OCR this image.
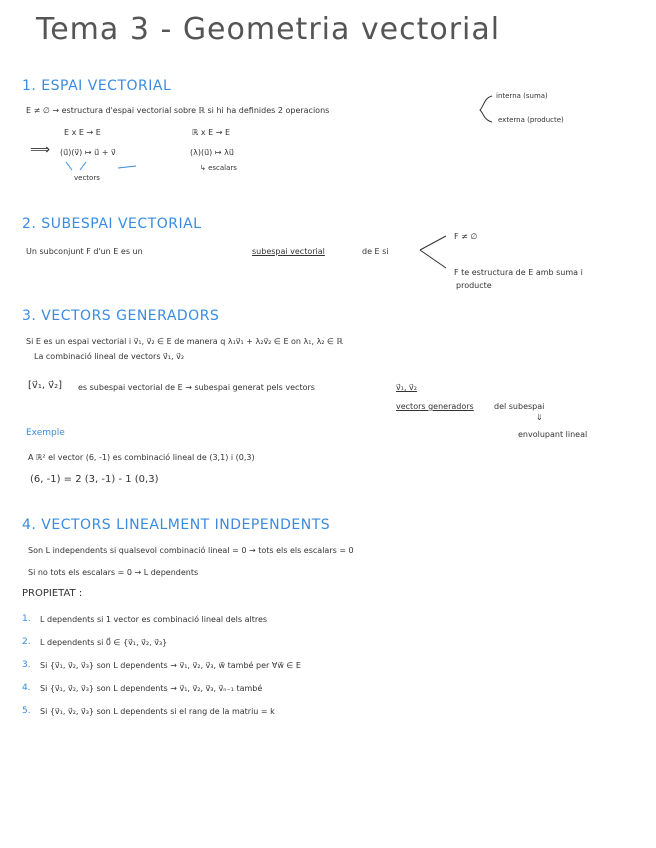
Tema 3 - Geometria vectorial
1. ESPAI VECTORIAL
E ≠ ∅ → estructura d'espai vectorial sobre ℝ si hi ha definides 2 operacions
interna (suma)
externa (producte)
E x E → E	ℝ x E → E
⟹ (u⃗)(v⃗) ↦ u⃗ + v⃗	(λ)(u⃗) ↦ λu⃗
vectors
↳ escalars
2. SUBESPAI VECTORIAL
Un subconjunt F d'un E es un	subespai vectorial	de E si
F ≠ ∅
F te estructura de E amb suma i
producte
3. VECTORS GENERADORS
Si E es un espai vectorial i v⃗₁, v⃗₂ ∈ E de manera q λ₁v⃗₁ + λ₂v⃗₂ ∈ E on λ₁, λ₂ ∈ ℝ
La combinació lineal de vectors v⃗₁, v⃗₂
[v⃗₁, v⃗₂] es subespai vectorial de E → subespai generat pels vectors	v⃗₁, v⃗₂
vectors generadors	del subespai
⇓
envolupant lineal
Exemple
A ℝ² el vector (6, -1) es combinació lineal de (3,1) i (0,3)
(6, -1) = 2 (3, -1) - 1 (0,3)
4. VECTORS LINEALMENT INDEPENDENTS
Son L independents si qualsevol combinació lineal = 0 → tots els els escalars = 0
Si no tots els escalars = 0 → L dependents
PROPIETAT :
1. L dependents si 1 vector es combinació lineal dels altres
2. L dependents si 0⃗ ∈ {v⃗₁, v⃗₂, v⃗₃}
3. Si {v⃗₁, v⃗₂, v⃗₃} son L dependents → v⃗₁, v⃗₂, v⃗₃, w⃗ també per ∀w⃗ ∈ E
4. Si {v⃗₁, v⃗₂, v⃗₃} son L dependents → v⃗₁, v⃗₂, v⃗₃, v⃗ₙ₋₁ també
5. Si {v⃗₁, v⃗₂, v⃗₃} son L dependents si el rang de la matriu = k
